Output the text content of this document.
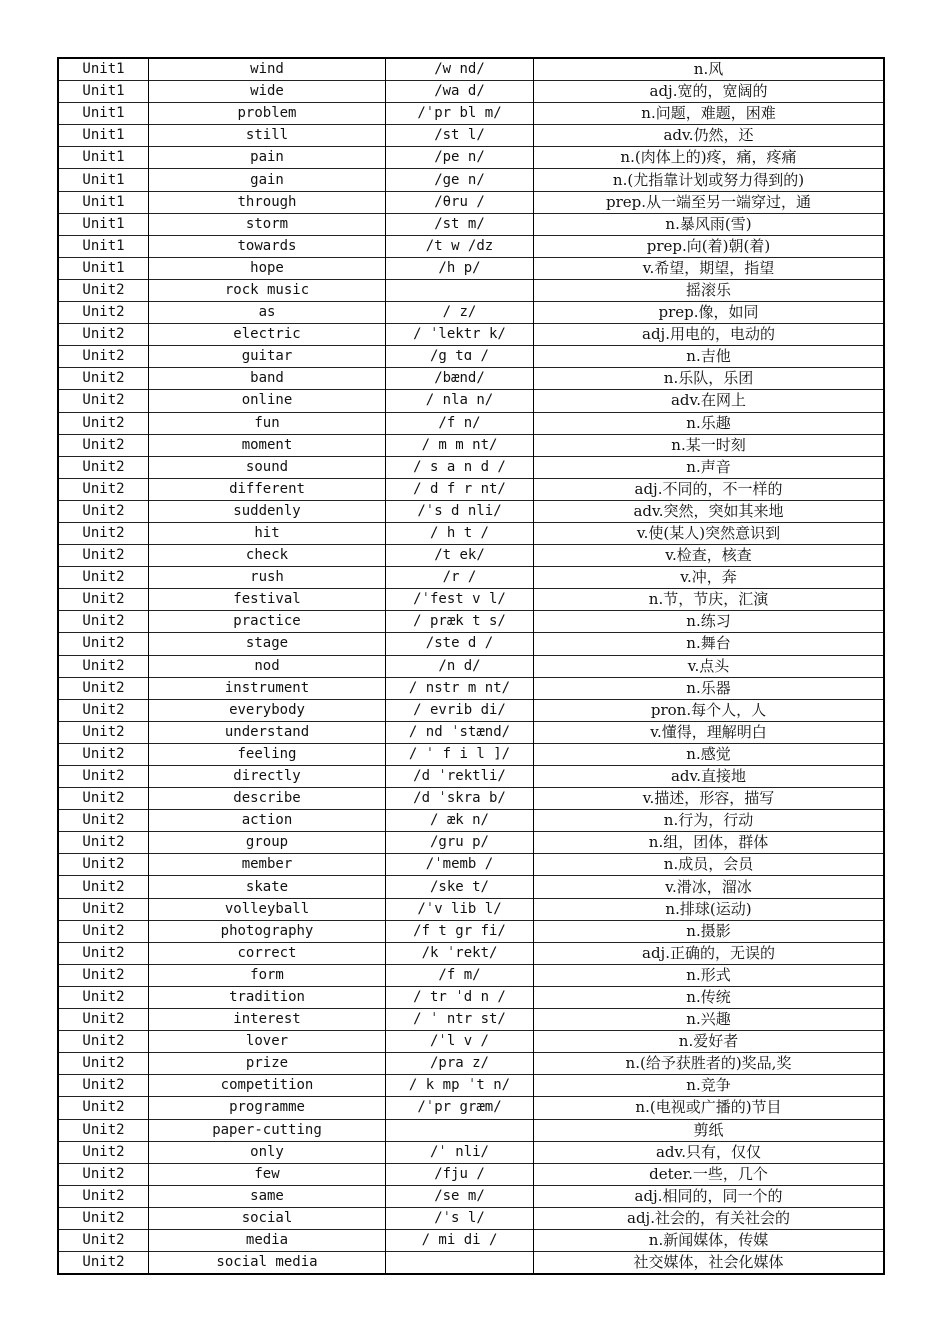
Unit1	wind	/w nd/	n.风
Unit1	wide	/wa d/	adj.宽的，宽阔的
Unit1	problem	/ˈpr bl m/	n.问题，难题，困难
Unit1	still	/st l/	adv.仍然，还
Unit1	pain	/pe n/	n.(肉体上的)疼，痛，疼痛
Unit1	gain	/ge n/	n.(尤指靠计划或努力得到的)
Unit1	through	/θru /	prep.从一端至另一端穿过，通
Unit1	storm	/st m/	n.暴风雨(雪)
Unit1	towards	/t w /dz	prep.向(着)朝(着)
Unit1	hope	/h p/	v.希望，期望，指望
Unit2	rock music		摇滚乐
Unit2	as	/ z/	prep.像，如同
Unit2	electric	/ ˈlektr k/	adj.用电的，电动的
Unit2	guitar	/g tɑ /	n.吉他
Unit2	band	/bænd/	n.乐队，乐团
Unit2	online	/ nla n/	adv.在网上
Unit2	fun	/f n/	n.乐趣
Unit2	moment	/ m m nt/	n.某一时刻
Unit2	sound	/ s a n d /	n.声音
Unit2	different	/ d f r nt/	adj.不同的，不一样的
Unit2	suddenly	/ˈs d nli/	adv.突然，突如其来地
Unit2	hit	/ h t /	v.使(某人)突然意识到
Unit2	check	/t ek/	v.检查，核查
Unit2	rush	/r /	v.冲，奔
Unit2	festival	/ˈfest v l/	n.节，节庆，汇演
Unit2	practice	/ præk t s/	n.练习
Unit2	stage	/ste d /	n.舞台
Unit2	nod	/n d/	v.点头
Unit2	instrument	/ nstr m nt/	n.乐器
Unit2	everybody	/ evrib di/	pron.每个人，人
Unit2	understand	/ nd ˈstænd/	v.懂得，理解明白
Unit2	feeling	/ ˈ f i l ]/	n.感觉
Unit2	directly	/d ˈrektli/	adv.直接地
Unit2	describe	/d ˈskra b/	v.描述，形容，描写
Unit2	action	/ æk n/	n.行为，行动
Unit2	group	/gru p/	n.组，团体，群体
Unit2	member	/ˈmemb /	n.成员，会员
Unit2	skate	/ske t/	v.滑冰，溜冰
Unit2	volleyball	/ˈv lib l/	n.排球(运动)
Unit2	photography	/f t gr fi/	n.摄影
Unit2	correct	/k ˈrekt/	adj.正确的，无误的
Unit2	form	/f m/	n.形式
Unit2	tradition	/ tr ˈd n /	n.传统
Unit2	interest	/ ˈ ntr st/	n.兴趣
Unit2	lover	/ˈl v /	n.爱好者
Unit2	prize	/pra z/	n.(给予获胜者的)奖品,奖
Unit2	competition	/ k mp ˈt n/	n.竞争
Unit2	programme	/ˈpr græm/	n.(电视或广播的)节目
Unit2	paper-cutting		剪纸
Unit2	only	/ˈ nli/	adv.只有，仅仅
Unit2	few	/fju /	deter.一些，几个
Unit2	same	/se m/	adj.相同的，同一个的
Unit2	social	/ˈs l/	adj.社会的，有关社会的
Unit2	media	/ mi di /	n.新闻媒体，传媒
Unit2	social media		社交媒体，社会化媒体
